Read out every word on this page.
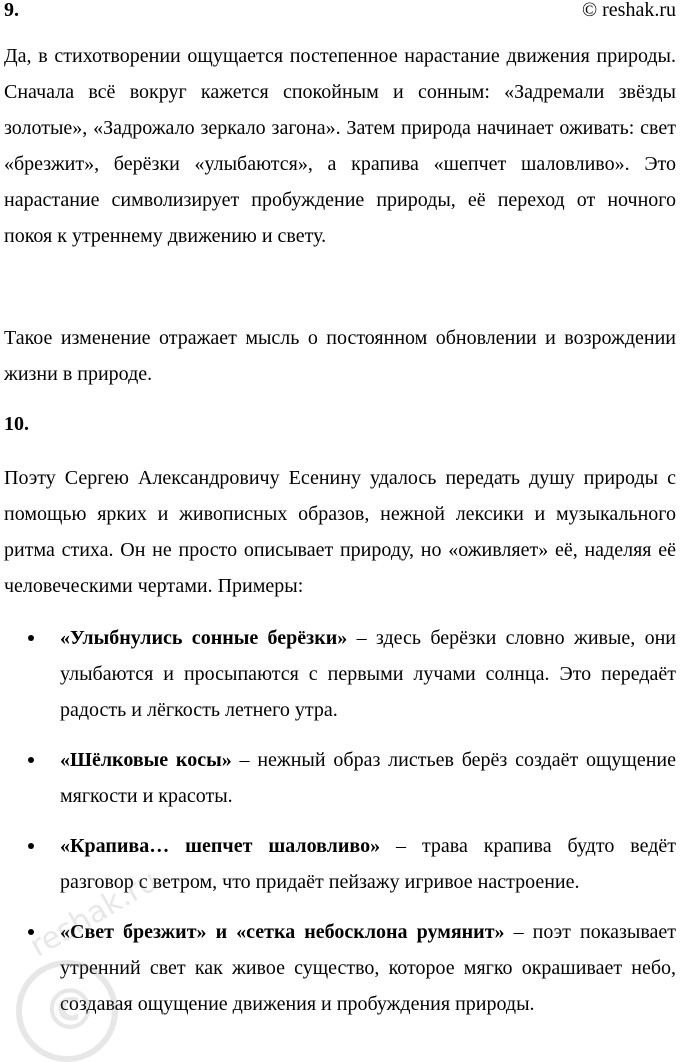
9.	© reshak.ru

Да, в стихотворении ощущается постепенное нарастание движения природы. Сначала всё вокруг кажется спокойным и сонным: «Задремали звёзды золотые», «Задрожало зеркало загона». Затем природа начинает оживать: свет «брезжит», берёзки «улыбаются», а крапива «шепчет шаловливо». Это нарастание символизирует пробуждение природы, её переход от ночного покоя к утреннему движению и свету.

Такое изменение отражает мысль о постоянном обновлении и возрождении жизни в природе.

10.

Поэту Сергею Александровичу Есенину удалось передать душу природы с помощью ярких и живописных образов, нежной лексики и музыкального ритма стиха. Он не просто описывает природу, но «оживляет» её, наделяя её человеческими чертами. Примеры:

«Улыбнулись сонные берёзки» – здесь берёзки словно живые, они улыбаются и просыпаются с первыми лучами солнца. Это передаёт радость и лёгкость летнего утра.
«Шёлковые косы» – нежный образ листьев берёз создаёт ощущение мягкости и красоты.
«Крапива… шепчет шаловливо» – трава крапива будто ведёт разговор с ветром, что придаёт пейзажу игривое настроение.
«Свет брезжит» и «сетка небосклона румянит» – поэт показывает утренний свет как живое существо, которое мягко окрашивает небо, создавая ощущение движения и пробуждения природы.
©
reshak.ru
